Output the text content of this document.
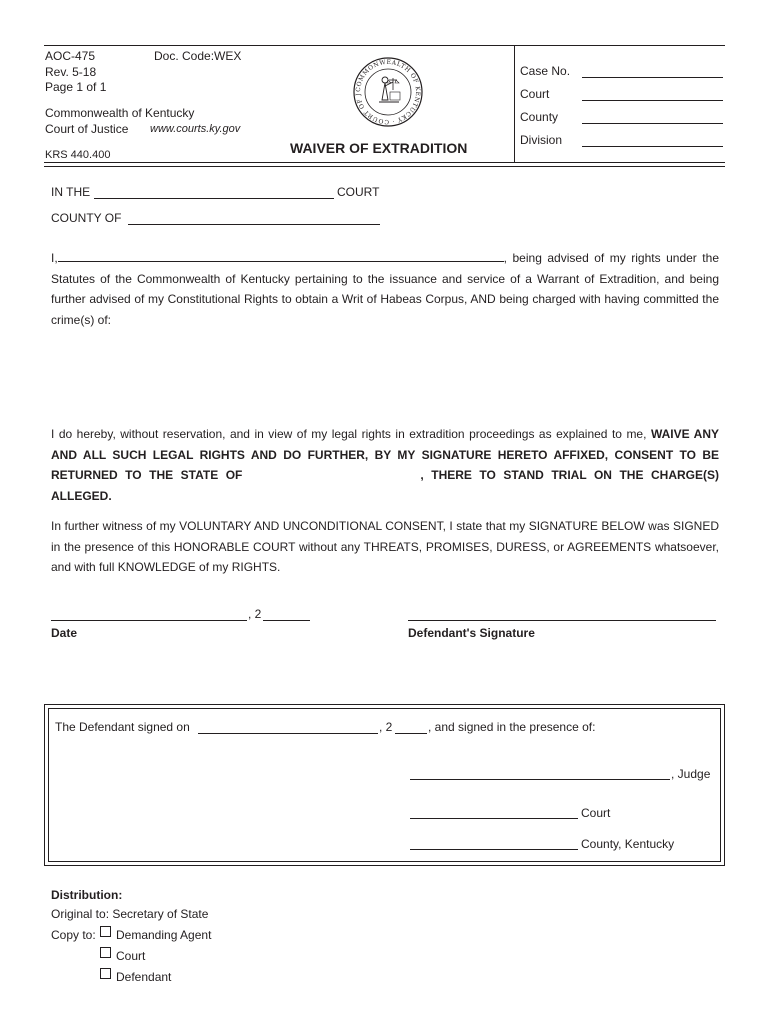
AOC-475	Doc. Code:WEX
Rev. 5-18
Page 1 of 1
Commonwealth of Kentucky
Court of Justice www.courts.ky.gov
KRS 440.400
COMMONWEALTH OF KENTUCKY · COURT OF J
WAIVER OF EXTRADITION
Case No.
Court
County
Division
IN THE	COURT
COUNTY OF
I,	, being advised of my rights under the Statutes of the Commonwealth of Kentucky pertaining to the issuance and service of a Warrant of Extradition, and being further advised of my Constitutional Rights to obtain a Writ of Habeas Corpus, AND being charged with having committed the crime(s) of:
I do hereby, without reservation, and in view of my legal rights in extradition proceedings as explained to me, WAIVE ANY AND ALL SUCH LEGAL RIGHTS AND DO FURTHER, BY MY SIGNATURE HERETO AFFIXED, CONSENT TO BE RETURNED TO THE STATE OF	, THERE TO STAND TRIAL ON THE CHARGE(S) ALLEGED.
In further witness of my VOLUNTARY AND UNCONDITIONAL CONSENT, I state that my SIGNATURE BELOW was SIGNED in the presence of this HONORABLE COURT without any THREATS, PROMISES, DURESS, or AGREEMENTS whatsoever, and with full KNOWLEDGE of my RIGHTS.
, 2
Date	Defendant's Signature
The Defendant signed on	, 2	, and signed in the presence of:
, Judge
Court
County, Kentucky
Distribution:
Original to: Secretary of State
Copy to: Demanding Agent
Court
Defendant
